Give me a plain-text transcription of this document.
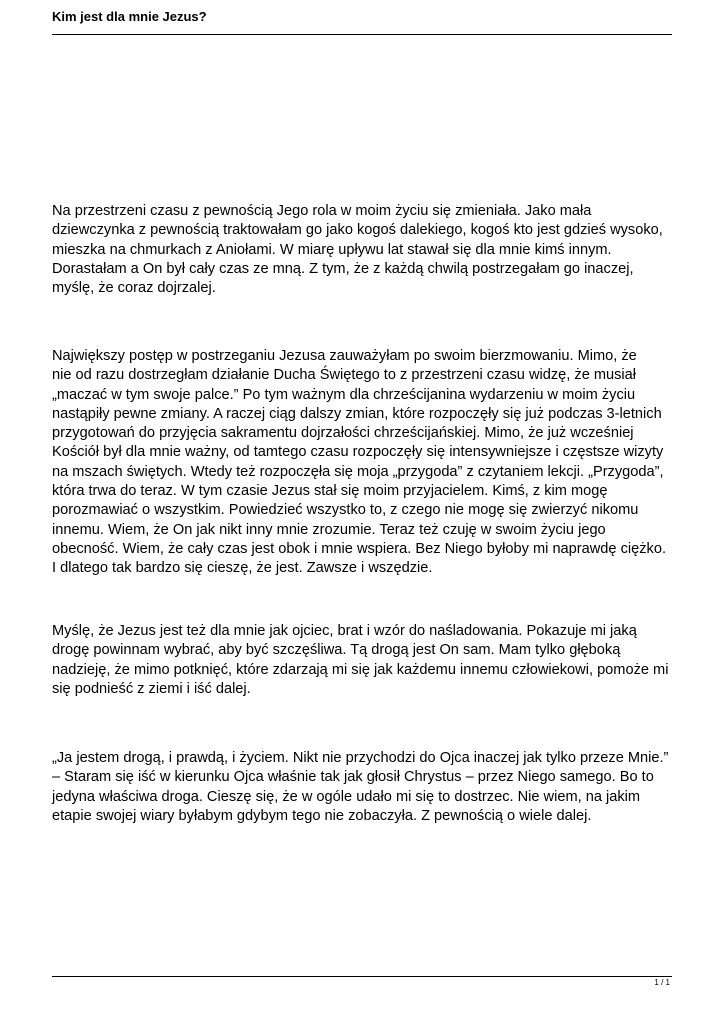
Kim jest dla mnie Jezus?
Na przestrzeni czasu z pewnością Jego rola w moim życiu się zmieniała. Jako mała
dziewczynka z pewnością traktowałam go jako kogoś dalekiego, kogoś kto jest gdzieś wysoko,
mieszka na chmurkach z Aniołami. W miarę upływu lat stawał się dla mnie kimś innym.
Dorastałam a On był cały czas ze mną. Z tym, że z każdą chwilą postrzegałam go inaczej,
myślę, że coraz dojrzalej.
Największy postęp w postrzeganiu Jezusa zauważyłam po swoim bierzmowaniu. Mimo, że
nie od razu dostrzegłam działanie Ducha Świętego to z przestrzeni czasu widzę, że musiał
„maczać w tym swoje palce.” Po tym ważnym dla chrześcijanina wydarzeniu w moim życiu
nastąpiły pewne zmiany. A raczej ciąg dalszy zmian, które rozpoczęły się już podczas 3-letnich
przygotowań do przyjęcia sakramentu dojrzałości chrześcijańskiej. Mimo, że już wcześniej
Kościół był dla mnie ważny, od tamtego czasu rozpoczęły się intensywniejsze i częstsze wizyty
na mszach świętych. Wtedy też rozpoczęła się moja „przygoda” z czytaniem lekcji. „Przygoda”,
która trwa do teraz. W tym czasie Jezus stał się moim przyjacielem. Kimś, z kim mogę
porozmawiać o wszystkim. Powiedzieć wszystko to, z czego nie mogę się zwierzyć nikomu
innemu. Wiem, że On jak nikt inny mnie zrozumie. Teraz też czuję w swoim życiu jego
obecność. Wiem, że cały czas jest obok i mnie wspiera. Bez Niego byłoby mi naprawdę ciężko.
I dlatego tak bardzo się cieszę, że jest. Zawsze i wszędzie.
Myślę, że Jezus jest też dla mnie jak ojciec, brat i wzór do naśladowania. Pokazuje mi jaką
drogę powinnam wybrać, aby być szczęśliwa. Tą drogą jest On sam. Mam tylko głęboką
nadzieję, że mimo potknięć, które zdarzają mi się jak każdemu innemu człowiekowi, pomoże mi
się podnieść z ziemi i iść dalej.
„Ja jestem drogą, i prawdą, i życiem. Nikt nie przychodzi do Ojca inaczej jak tylko przeze Mnie.”
– Staram się iść w kierunku Ojca właśnie tak jak głosił Chrystus – przez Niego samego. Bo to
jedyna właściwa droga. Cieszę się, że w ogóle udało mi się to dostrzec. Nie wiem, na jakim
etapie swojej wiary byłabym gdybym tego nie zobaczyła. Z pewnością o wiele dalej.
1 / 1
